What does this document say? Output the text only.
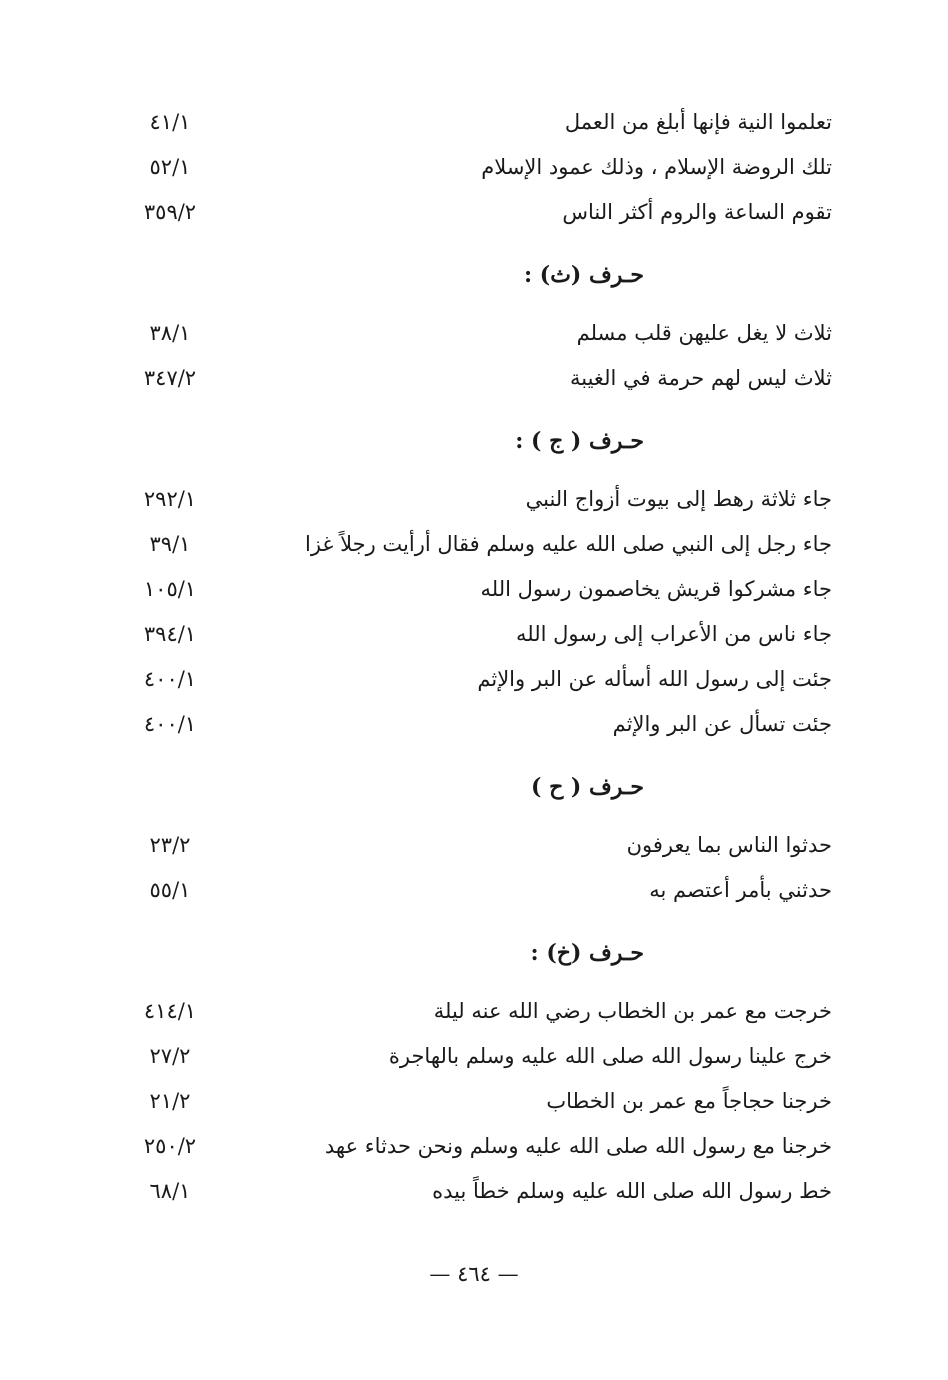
تعلموا النية فإنها أبلغ من العمل
٤١/١
تلك الروضة الإسلام ، وذلك عمود الإسلام
٥٢/١
تقوم الساعة والروم أكثر الناس
٣٥٩/٢
حـرف (ث) :
ثلاث لا يغل عليهن قلب مسلم
٣٨/١
ثلاث ليس لهم حرمة في الغيبة
٣٤٧/٢
حـرف ( ج ) :
جاء ثلاثة رهط إلى بيوت أزواج النبي
٢٩٢/١
جاء رجل إلى النبي صلى الله عليه وسلم فقال أرأيت رجلاً غزا
٣٩/١
جاء مشركوا قريش يخاصمون رسول الله
١٠٥/١
جاء ناس من الأعراب إلى رسول الله
٣٩٤/١
جئت إلى رسول الله أسأله عن البر والإثم
٤٠٠/١
جئت تسأل عن البر والإثم
٤٠٠/١
حـرف ( ح )
حدثوا الناس بما يعرفون
٢٣/٢
حدثني بأمر أعتصم به
٥٥/١
حـرف (خ) :
خرجت مع عمر بن الخطاب رضي الله عنه ليلة
٤١٤/١
خرج علينا رسول الله صلى الله عليه وسلم بالهاجرة
٢٧/٢
خرجنا حجاجاً مع عمر بن الخطاب
٢١/٢
خرجنا مع رسول الله صلى الله عليه وسلم ونحن حدثاء عهد
٢٥٠/٢
خط رسول الله صلى الله عليه وسلم خطاً بيده
٦٨/١
— ٤٦٤ —
